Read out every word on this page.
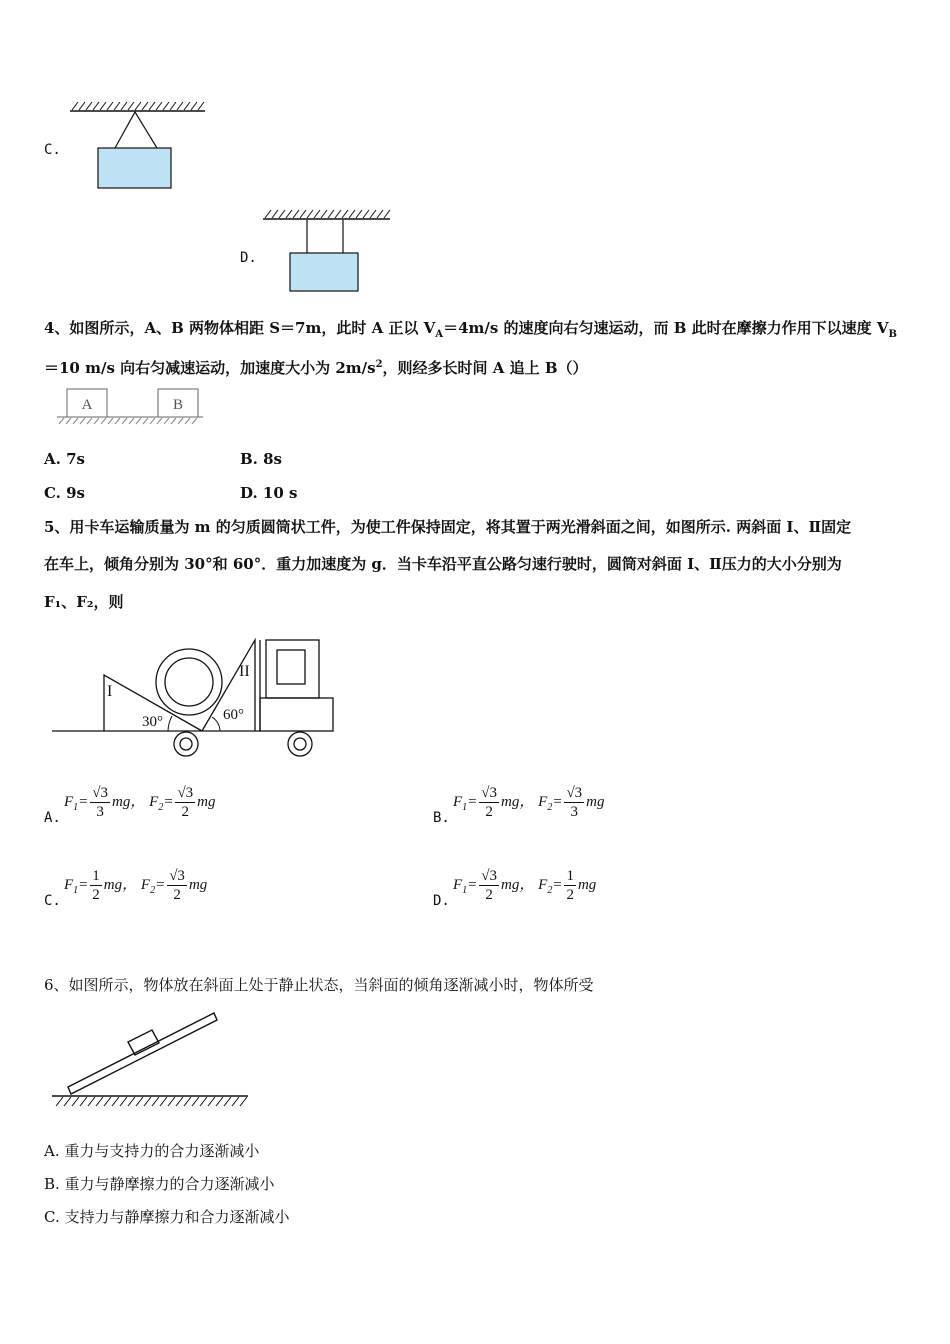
C.
D.
4、如图所示，A、B 两物体相距 S＝7m，此时 A 正以 $V_A=4m/s$ 的速度向右匀速运动，而 B 此时在摩擦力作用下以速度 $V_B$
＝10 m/s 向右匀减速运动，加速度大小为 $2m/s^2$，则经多长时间 A 追上 B（）
A	B
A. 7s	B. 8s
C. 9s	D. 10 s
5、用卡车运输质量为 m 的匀质圆筒状工件，为使工件保持固定，将其置于两光滑斜面之间，如图所示. 两斜面 I、Ⅱ固定
在车上，倾角分别为 30°和 60°．重力加速度为 g．当卡车沿平直公路匀速行驶时，圆筒对斜面 I、Ⅱ压力的大小分别为
F₁、F₂，则
I
II
30°	60°
A.
$F_1= \frac{√3}{3}$ mg， $F_2= \frac{√3}{2}$ mg
B.
$F_1= \frac{√3}{2}$ mg， $F_2= \frac{√3}{3}$ mg
C.
$F_1= \frac{1}{2}$ mg， $F_2= \frac{√3}{2}$ mg
D.
$F_1= \frac{√3}{2}$ mg， $F_2= \frac{1}{2}$ mg
6、如图所示，物体放在斜面上处于静止状态，当斜面的倾角逐渐减小时，物体所受
A. 重力与支持力的合力逐渐减小
B. 重力与静摩擦力的合力逐渐减小
C. 支持力与静摩擦力和合力逐渐减小
